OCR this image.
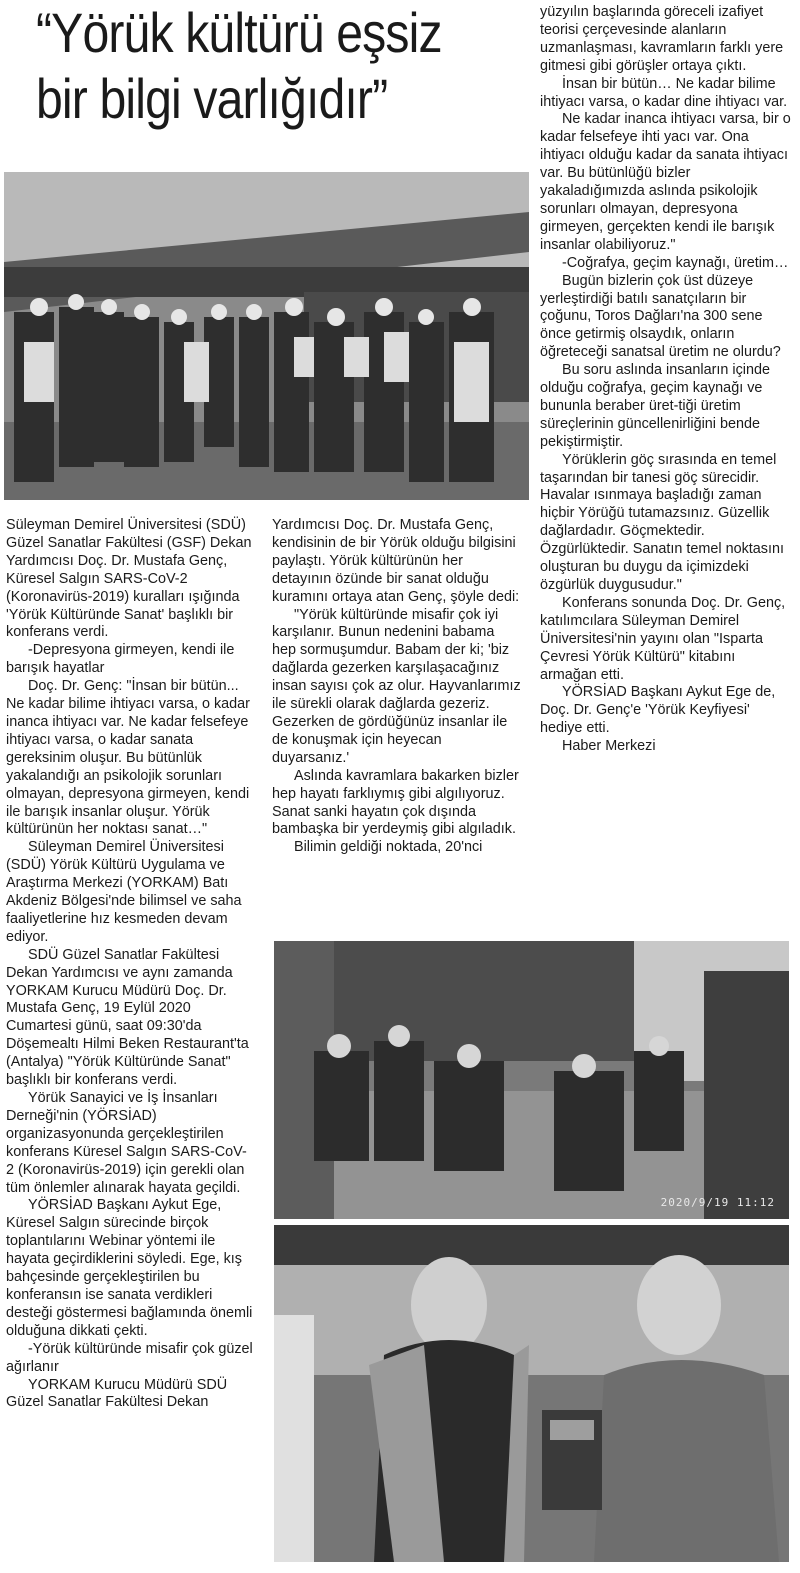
“Yörük kültürü eşsiz
bir bilgi varlığıdır”
2020/9/19 11:12

Süleyman Demirel Üniversitesi (SDÜ) Güzel Sanatlar Fakültesi (GSF) Dekan Yardımcısı Doç. Dr. Mustafa Genç, Küresel Salgın SARS-CoV-2 (Koronavirüs-2019) kuralları ışığında 'Yörük Kültüründe Sanat' başlıklı bir konferans verdi.

-Depresyona girmeyen, kendi ile barışık hayatlar

Doç. Dr. Genç: "İnsan bir bütün... Ne kadar bilime ihtiyacı varsa, o kadar inanca ihtiyacı var. Ne kadar felsefeye ihtiyacı varsa, o kadar sanata gereksinim oluşur. Bu bütünlük yakalandığı an psikolojik sorunları olmayan, depresyona girmeyen, kendi ile barışık insanlar oluşur. Yörük kültürünün her noktası sanat…"

Süleyman Demirel Üniversitesi (SDÜ) Yörük Kültürü Uygulama ve Araştırma Merkezi (YORKAM) Batı Akdeniz Bölgesi'nde bilimsel ve saha faaliyetlerine hız kesmeden devam ediyor.

SDÜ Güzel Sanatlar Fakültesi Dekan Yardımcısı ve aynı zamanda YORKAM Kurucu Müdürü Doç. Dr. Mustafa Genç, 19 Eylül 2020 Cumartesi günü, saat 09:30'da Döşemealtı Hilmi Beken Restaurant'ta (Antalya) "Yörük Kültüründe Sanat" başlıklı bir konferans verdi.

Yörük Sanayici ve İş İnsanları Derneği'nin (YÖRSİAD) organizasyonunda gerçekleştirilen konferans Küresel Salgın SARS-CoV-2 (Koronavirüs-2019) için gerekli olan tüm önlemler alınarak hayata geçildi.

YÖRSİAD Başkanı Aykut Ege, Küresel Salgın sürecinde birçok toplantılarını Webinar yöntemi ile hayata geçirdiklerini söyledi. Ege, kış bahçesinde gerçekleştirilen bu konferansın ise sanata verdikleri desteği göstermesi bağlamında önemli olduğuna dikkati çekti.

-Yörük kültüründe misafir çok güzel ağırlanır

YORKAM Kurucu Müdürü SDÜ Güzel Sanatlar Fakültesi Dekan

Yardımcısı Doç. Dr. Mustafa Genç, kendisinin de bir Yörük olduğu bilgisini paylaştı. Yörük kültürünün her detayının özünde bir sanat olduğu kuramını ortaya atan Genç, şöyle dedi:

"Yörük kültüründe misafir çok iyi karşılanır. Bunun nedenini babama hep sormuşumdur. Babam der ki; 'biz dağlarda gezerken karşılaşacağınız insan sayısı çok az olur. Hayvanlarımız ile sürekli olarak dağlarda gezeriz. Gezerken de gördüğünüz insanlar ile de konuşmak için heyecan duyarsanız.'

Aslında kavramlara bakarken bizler hep hayatı farklıymış gibi algılıyoruz. Sanat sanki hayatın çok dışında bambaşka bir yerdeymiş gibi algıladık.

Bilimin geldiği noktada, 20'nci

yüzyılın başlarında göreceli izafiyet teorisi çerçevesinde alanların uzmanlaşması, kavramların farklı yere gitmesi gibi görüşler ortaya çıktı.

İnsan bir bütün… Ne kadar bilime ihtiyacı varsa, o kadar dine ihtiyacı var.

Ne kadar inanca ihtiyacı varsa, bir o kadar felsefeye ihti yacı var. Ona ihtiyacı olduğu kadar da sanata ihtiyacı var. Bu bütünlüğü bizler yakaladığımızda aslında psikolojik sorunları olmayan, depresyona girmeyen, gerçekten kendi ile barışık insanlar olabiliyoruz."

-Coğrafya, geçim kaynağı, üretim…

Bugün bizlerin çok üst düzeye yerleştirdiği batılı sanatçıların bir çoğunu, Toros Dağları'na 300 sene önce getirmiş olsaydık, onların öğreteceği sanatsal üretim ne olurdu?

Bu soru aslında insanların içinde olduğu coğrafya, geçim kaynağı ve bununla beraber üret-tiği üretim süreçlerinin güncellenirliğini bende pekiştirmiştir.

Yörüklerin göç sırasında en temel taşarından bir tanesi göç sürecidir. Havalar ısınmaya başladığı zaman hiçbir Yörüğü tutamazsınız. Güzellik dağlardadır. Göçmektedir. Özgürlüktedir. Sanatın temel noktasını oluşturan bu duygu da içimizdeki özgürlük duygusudur."

Konferans sonunda Doç. Dr. Genç, katılımcılara Süleyman Demirel Üniversitesi'nin yayını olan "Isparta Çevresi Yörük Kültürü" kitabını armağan etti.

YÖRSİAD Başkanı Aykut Ege de, Doç. Dr. Genç'e 'Yörük Keyfiyesi' hediye etti.

Haber Merkezi
